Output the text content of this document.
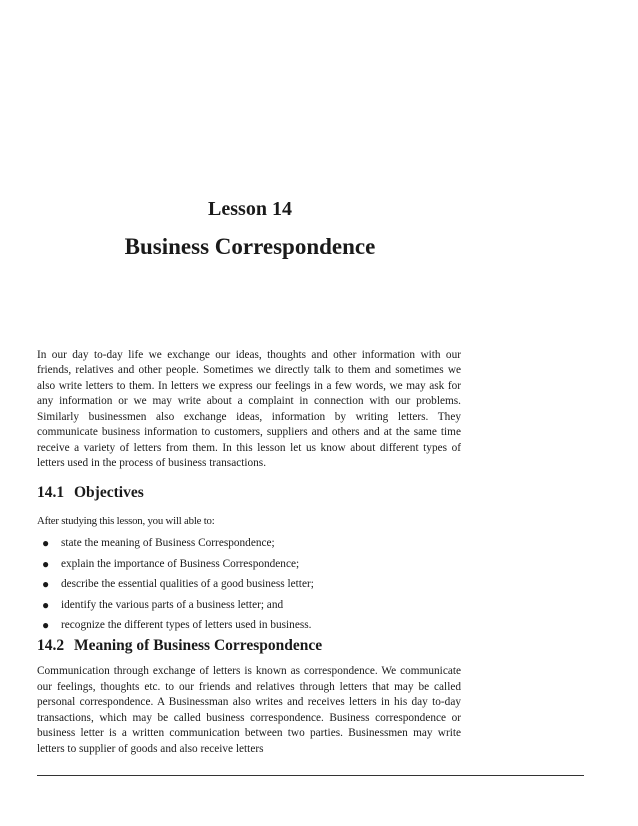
Lesson 14
Business Correspondence

In our day to-day life we exchange our ideas, thoughts and other information with our friends, relatives and other people. Sometimes we directly talk to them and sometimes we also write letters to them. In letters we express our feelings in a few words, we may ask for any information or we may write about a complaint in connection with our problems. Similarly businessmen also exchange ideas, information by writing letters. They communicate business information to customers, suppliers and others and at the same time receive a variety of letters from them. In this lesson let us know about different types of letters used in the process of business transactions.

14.1 Objectives

After studying this lesson, you will able to:

● state the meaning of Business Correspondence;
● explain the importance of Business Correspondence;
● describe the essential qualities of a good business letter;
● identify the various parts of a business letter; and
● recognize the different types of letters used in business.
14.2 Meaning of Business Correspondence

Communication through exchange of letters is known as correspondence. We communicate our feelings, thoughts etc. to our friends and relatives through letters that may be called personal correspondence. A Businessman also writes and receives letters in his day to-day transactions, which may be called business correspondence. Business correspondence or business letter is a written communication between two parties. Businessmen may write letters to supplier of goods and also receive letters
